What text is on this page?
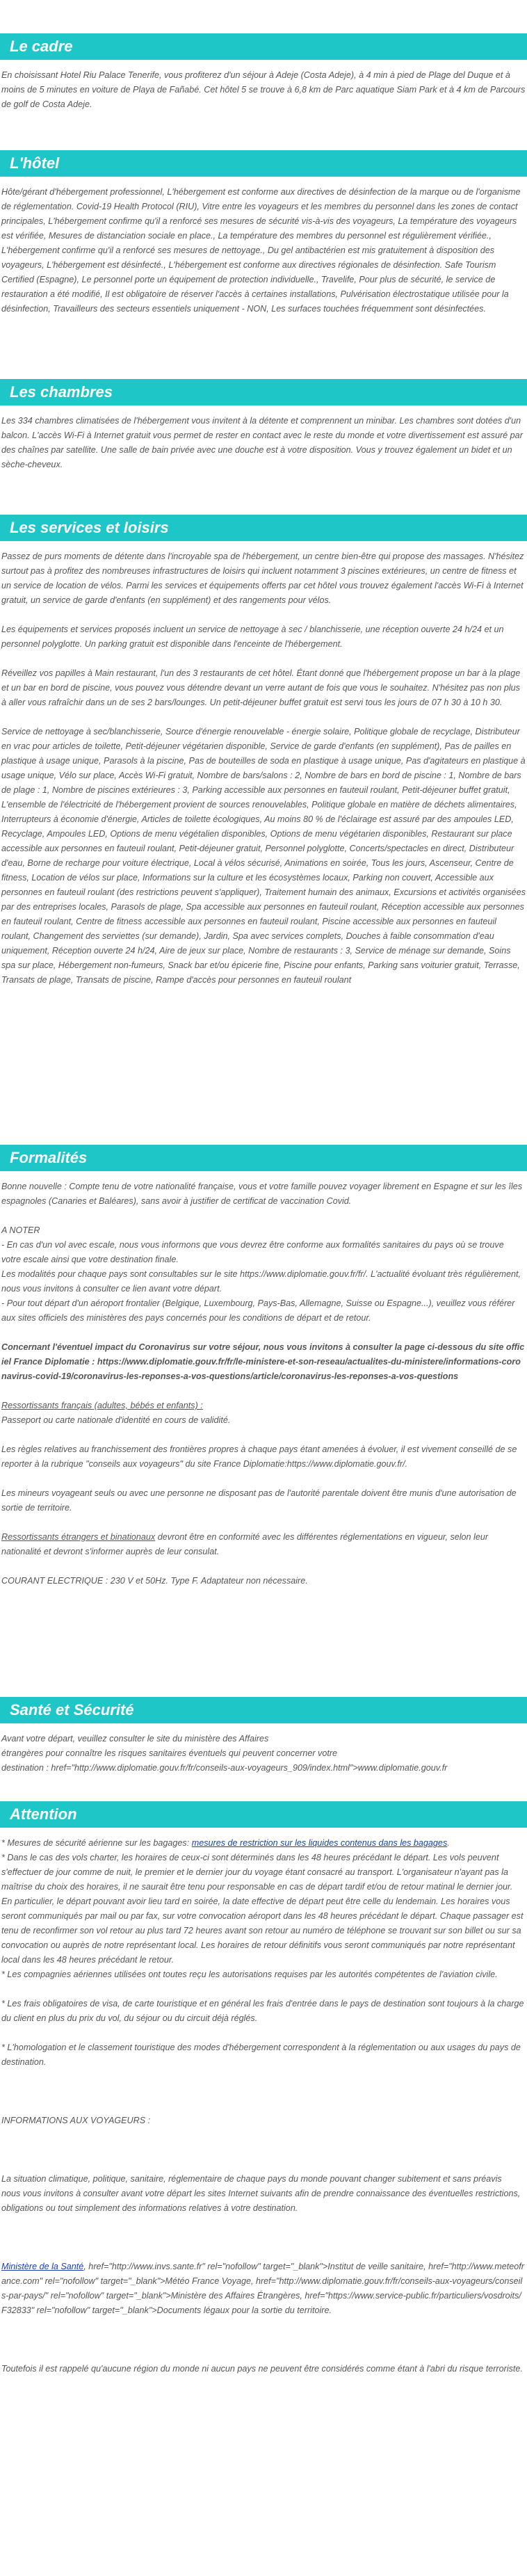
Le cadre

En choisissant Hotel Riu Palace Tenerife, vous profiterez d'un séjour à Adeje (Costa Adeje), à 4 min à pied de Plage del Duque et à moins de 5 minutes en voiture de Playa de Fañabé. Cet hôtel 5 se trouve à 6,8 km de Parc aquatique Siam Park et à 4 km de Parcours de golf de Costa Adeje.

L'hôtel

Hôte/gérant d'hébergement professionnel, L'hébergement est conforme aux directives de désinfection de la marque ou de l'organisme de réglementation. Covid-19 Health Protocol (RIU), Vitre entre les voyageurs et les membres du personnel dans les zones de contact principales, L'hébergement confirme qu'il a renforcé ses mesures de sécurité vis-à-vis des voyageurs, La température des voyageurs est vérifiée, Mesures de distanciation sociale en place., La température des membres du personnel est régulièrement vérifiée., L'hébergement confirme qu'il a renforcé ses mesures de nettoyage., Du gel antibactérien est mis gratuitement à disposition des voyageurs, L'hébergement est désinfecté., L'hébergement est conforme aux directives régionales de désinfection. Safe Tourism Certified (Espagne), Le personnel porte un équipement de protection individuelle., Travelife, Pour plus de sécurité, le service de restauration a été modifié, Il est obligatoire de réserver l'accès à certaines installations, Pulvérisation électrostatique utilisée pour la désinfection, Travailleurs des secteurs essentiels uniquement - NON, Les surfaces touchées fréquemment sont désinfectées.

Les chambres

Les 334 chambres climatisées de l'hébergement vous invitent à la détente et comprennent un minibar. Les chambres sont dotées d'un balcon. L'accès Wi-Fi à Internet gratuit vous permet de rester en contact avec le reste du monde et votre divertissement est assuré par des chaînes par satellite. Une salle de bain privée avec une douche est à votre disposition. Vous y trouvez également un bidet et un sèche-cheveux.

Les services et loisirs

Passez de purs moments de détente dans l'incroyable spa de l'hébergement, un centre bien-être qui propose des massages. N'hésitez surtout pas à profitez des nombreuses infrastructures de loisirs qui incluent notamment 3 piscines extérieures, un centre de fitness et un service de location de vélos. Parmi les services et équipements offerts par cet hôtel vous trouvez également l'accès Wi-Fi à Internet gratuit, un service de garde d'enfants (en supplément) et des rangements pour vélos.

Les équipements et services proposés incluent un service de nettoyage à sec / blanchisserie, une réception ouverte 24 h/24 et un personnel polyglotte. Un parking gratuit est disponible dans l'enceinte de l'hébergement.

Réveillez vos papilles à Main restaurant, l'un des 3 restaurants de cet hôtel. Étant donné que l'hébergement propose un bar à la plage et un bar en bord de piscine, vous pouvez vous détendre devant un verre autant de fois que vous le souhaitez. N'hésitez pas non plus à aller vous rafraîchir dans un de ses 2 bars/lounges. Un petit-déjeuner buffet gratuit est servi tous les jours de 07 h 30 à 10 h 30.

Service de nettoyage à sec/blanchisserie, Source d'énergie renouvelable - énergie solaire, Politique globale de recyclage, Distributeur en vrac pour articles de toilette, Petit-déjeuner végétarien disponible, Service de garde d'enfants (en supplément), Pas de pailles en plastique à usage unique, Parasols à la piscine, Pas de bouteilles de soda en plastique à usage unique, Pas d'agitateurs en plastique à usage unique, Vélo sur place, Accès Wi-Fi gratuit, Nombre de bars/salons : 2, Nombre de bars en bord de piscine : 1, Nombre de bars de plage : 1, Nombre de piscines extérieures : 3, Parking accessible aux personnes en fauteuil roulant, Petit-déjeuner buffet gratuit, L'ensemble de l'électricité de l'hébergement provient de sources renouvelables, Politique globale en matière de déchets alimentaires, Interrupteurs à économie d'énergie, Articles de toilette écologiques, Au moins 80 % de l'éclairage est assuré par des ampoules LED, Recyclage, Ampoules LED, Options de menu végétalien disponibles, Options de menu végétarien disponibles, Restaurant sur place accessible aux personnes en fauteuil roulant, Petit-déjeuner gratuit, Personnel polyglotte, Concerts/spectacles en direct, Distributeur d'eau, Borne de recharge pour voiture électrique, Local à vélos sécurisé, Animations en soirée, Tous les jours, Ascenseur, Centre de fitness, Location de vélos sur place, Informations sur la culture et les écosystèmes locaux, Parking non couvert, Accessible aux personnes en fauteuil roulant (des restrictions peuvent s'appliquer), Traitement humain des animaux, Excursions et activités organisées par des entreprises locales, Parasols de plage, Spa accessible aux personnes en fauteuil roulant, Réception accessible aux personnes en fauteuil roulant, Centre de fitness accessible aux personnes en fauteuil roulant, Piscine accessible aux personnes en fauteuil roulant, Changement des serviettes (sur demande), Jardin, Spa avec services complets, Douches à faible consommation d'eau uniquement, Réception ouverte 24 h/24, Aire de jeux sur place, Nombre de restaurants : 3, Service de ménage sur demande, Soins spa sur place, Hébergement non-fumeurs, Snack bar et/ou épicerie fine, Piscine pour enfants, Parking sans voiturier gratuit, Terrasse, Transats de plage, Transats de piscine, Rampe d'accès pour personnes en fauteuil roulant

Formalités

Bonne nouvelle : Compte tenu de votre nationalité française, vous et votre famille pouvez voyager librement en Espagne et sur les îles espagnoles (Canaries et Baléares), sans avoir à justifier de certificat de vaccination Covid.

A NOTER

- En cas d'un vol avec escale, nous vous informons que vous devrez être conforme aux formalités sanitaires du pays où se trouve votre escale ainsi que votre destination finale.

Les modalités pour chaque pays sont consultables sur le site https://www.diplomatie.gouv.fr/fr/. L'actualité évoluant très régulièrement, nous vous invitons à consulter ce lien avant votre départ.

- Pour tout départ d'un aéroport frontalier (Belgique, Luxembourg, Pays-Bas, Allemagne, Suisse ou Espagne...), veuillez vous référer aux sites officiels des ministères des pays concernés pour les conditions de départ et de retour.

Concernant l'éventuel impact du Coronavirus sur votre séjour, nous vous invitons à consulter la page ci-dessous du site officiel France Diplomatie : https://www.diplomatie.gouv.fr/fr/le-ministere-et-son-reseau/actualites-du-ministere/informations-coronavirus-covid-19/coronavirus-les-reponses-a-vos-questions/article/coronavirus-les-reponses-a-vos-questions

Ressortissants français (adultes, bébés et enfants) :

Passeport ou carte nationale d'identité en cours de validité.

Les règles relatives au franchissement des frontières propres à chaque pays étant amenées à évoluer, il est vivement conseillé de se reporter à la rubrique "conseils aux voyageurs" du site France Diplomatie:https://www.diplomatie.gouv.fr/.

Les mineurs voyageant seuls ou avec une personne ne disposant pas de l'autorité parentale doivent être munis d'une autorisation de sortie de territoire.

Ressortissants étrangers et binationaux devront être en conformité avec les différentes réglementations en vigueur, selon leur nationalité et devront s'informer auprès de leur consulat.

COURANT ELECTRIQUE : 230 V et 50Hz. Type F. Adaptateur non nécessaire.

Santé et Sécurité

Avant votre départ, veuillez consulter le site du ministère des Affaires

étrangères pour connaître les risques sanitaires éventuels qui peuvent concerner votre

destination : href="http://www.diplomatie.gouv.fr/fr/conseils-aux-voyageurs_909/index.html">www.diplomatie.gouv.fr

Attention

* Mesures de sécurité aérienne sur les bagages: mesures de restriction sur les liquides contenus dans les bagages.

* Dans le cas des vols charter, les horaires de ceux-ci sont déterminés dans les 48 heures précédant le départ. Les vols peuvent s'effectuer de jour comme de nuit, le premier et le dernier jour du voyage étant consacré au transport. L'organisateur n'ayant pas la maîtrise du choix des horaires, il ne saurait être tenu pour responsable en cas de départ tardif et/ou de retour matinal le dernier jour. En particulier, le départ pouvant avoir lieu tard en soirée, la date effective de départ peut être celle du lendemain. Les horaires vous seront communiqués par mail ou par fax, sur votre convocation aéroport dans les 48 heures précédant le départ. Chaque passager est tenu de reconfirmer son vol retour au plus tard 72 heures avant son retour au numéro de téléphone se trouvant sur son billet ou sur sa convocation ou auprès de notre représentant local. Les horaires de retour définitifs vous seront communiqués par notre représentant local dans les 48 heures précédant le retour.

* Les compagnies aériennes utilisées ont toutes reçu les autorisations requises par les autorités compétentes de l'aviation civile.

* Les frais obligatoires de visa, de carte touristique et en général les frais d'entrée dans le pays de destination sont toujours à la charge du client en plus du prix du vol, du séjour ou du circuit déjà réglés.

* L'homologation et le classement touristique des modes d'hébergement correspondent à la réglementation ou aux usages du pays de destination.

INFORMATIONS AUX VOYAGEURS :

La situation climatique, politique, sanitaire, réglementaire de chaque pays du monde pouvant changer subitement et sans préavis

nous vous invitons à consulter avant votre départ les sites Internet suivants afin de prendre connaissance des éventuelles restrictions, obligations ou tout simplement des informations relatives à votre destination.

Ministère de la Santé, href="http://www.invs.sante.fr" rel="nofollow" target="_blank">Institut de veille sanitaire, href="http://www.meteofrance.com" rel="nofollow" target="_blank">Météo France Voyage, href="http://www.diplomatie.gouv.fr/fr/conseils-aux-voyageurs/conseils-par-pays/" rel="nofollow" target="_blank">Ministère des Affaires Étrangères, href="https://www.service-public.fr/particuliers/vosdroits/F32833" rel="nofollow" target="_blank">Documents légaux pour la sortie du territoire.

Toutefois il est rappelé qu'aucune région du monde ni aucun pays ne peuvent être considérés comme étant à l'abri du risque terroriste.
